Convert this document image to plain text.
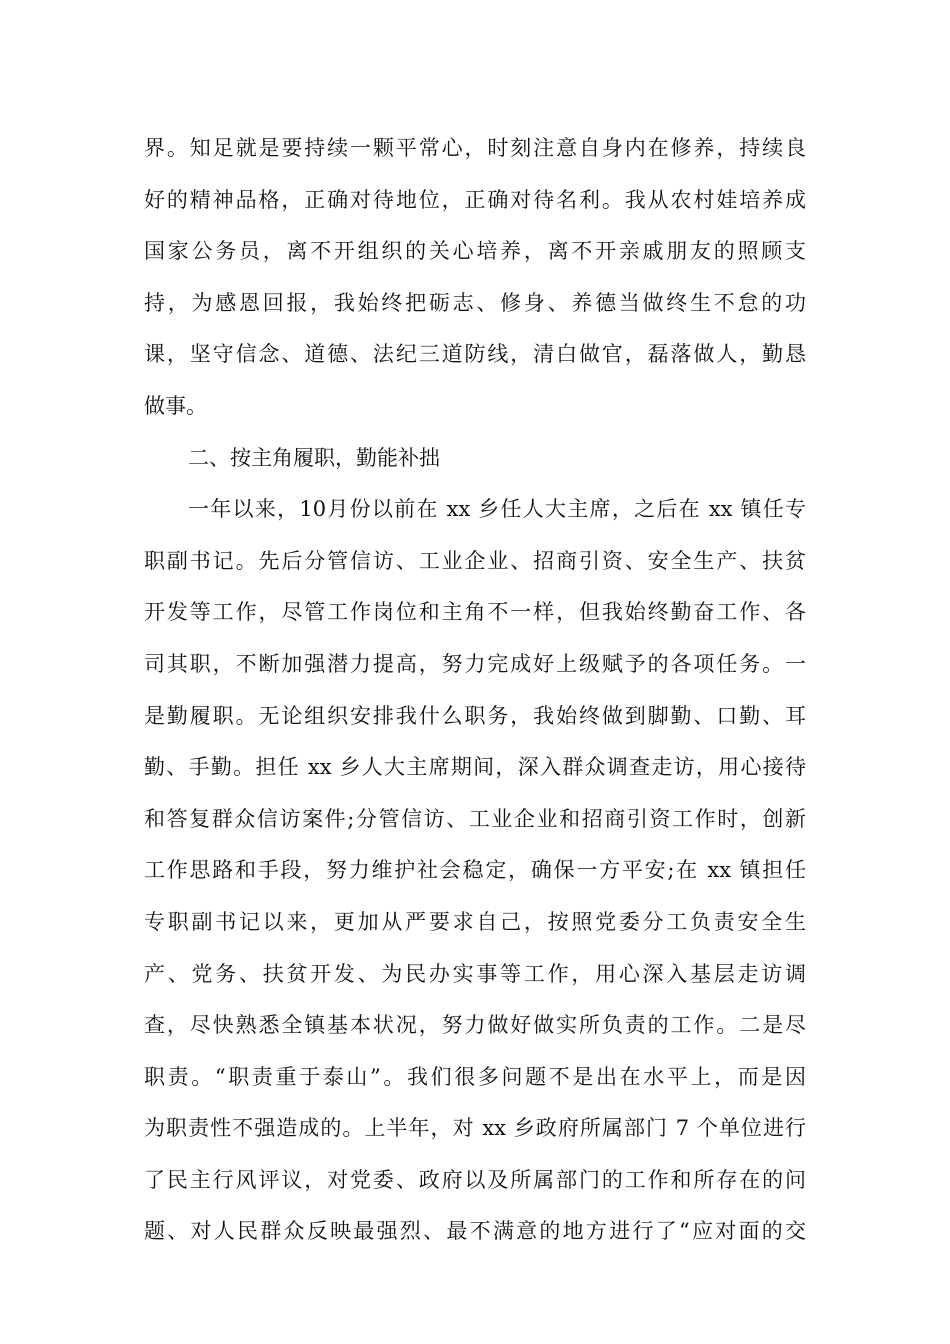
界。知足就是要持续一颗平常心，时刻注意自身内在修养，持续良
好的精神品格，正确对待地位，正确对待名利。我从农村娃培养成
国家公务员，离不开组织的关心培养，离不开亲戚朋友的照顾支
持，为感恩回报，我始终把砺志、修身、养德当做终生不怠的功
课，坚守信念、道德、法纪三道防线，清白做官，磊落做人，勤恳
做事。
二、按主角履职，勤能补拙
一年以来，10月份以前在 xx 乡任人大主席，之后在 xx 镇任专
职副书记。先后分管信访、工业企业、招商引资、安全生产、扶贫
开发等工作，尽管工作岗位和主角不一样，但我始终勤奋工作、各
司其职，不断加强潜力提高，努力完成好上级赋予的各项任务。一
是勤履职。无论组织安排我什么职务，我始终做到脚勤、口勤、耳
勤、手勤。担任 xx 乡人大主席期间，深入群众调查走访，用心接待
和答复群众信访案件;分管信访、工业企业和招商引资工作时，创新
工作思路和手段，努力维护社会稳定，确保一方平安;在 xx 镇担任
专职副书记以来，更加从严要求自己，按照党委分工负责安全生
产、党务、扶贫开发、为民办实事等工作，用心深入基层走访调
查，尽快熟悉全镇基本状况，努力做好做实所负责的工作。二是尽
职责。“职责重于泰山”。我们很多问题不是出在水平上，而是因
为职责性不强造成的。上半年，对 xx 乡政府所属部门 7 个单位进行
了民主行风评议，对党委、政府以及所属部门的工作和所存在的问
题、对人民群众反映最强烈、最不满意的地方进行了“应对面的交
